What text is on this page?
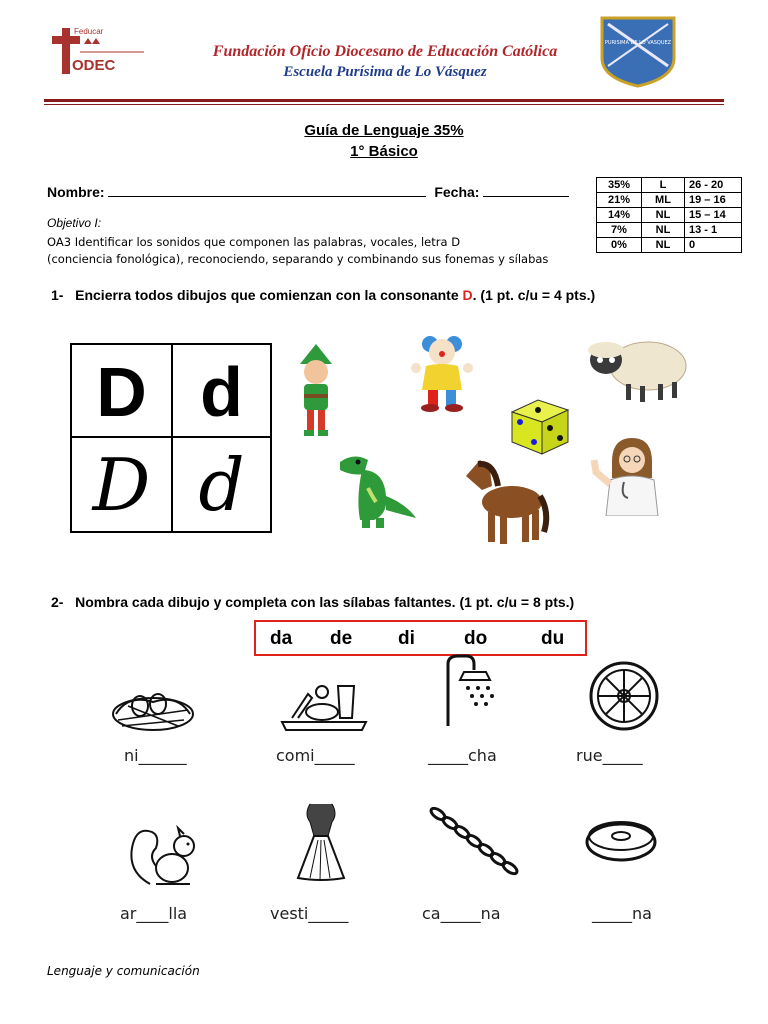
Feducar
ODEC
Fundación Oficio Diocesano de Educación Católica
Escuela Purísima de Lo Vásquez
PURISIMA DE LO VASQUEZ
Guía de Lenguaje 35%
1° Básico
Nombre:	Fecha:	35%	L	26 - 20
21%	ML	19 – 16
14%	NL	15 – 14
7%	NL	13 - 1
0%	NL	0
Objetivo I:
OA3 Identificar los sonidos que componen las palabras, vocales, letra D
(conciencia fonológica), reconociendo, separando y combinando sus fonemas y sílabas
1- Encierra todos dibujos que comienzan con la consonante D. (1 pt. c/u = 4 pts.)
D d
D d
2- Nombra cada dibujo y completa con las sílabas faltantes. (1 pt. c/u = 8 pts.)
da de di	do	du
ni______	comi_____	_____cha	rue_____
ar____lla	vesti_____	ca_____na	_____na
Lenguaje y comunicación
